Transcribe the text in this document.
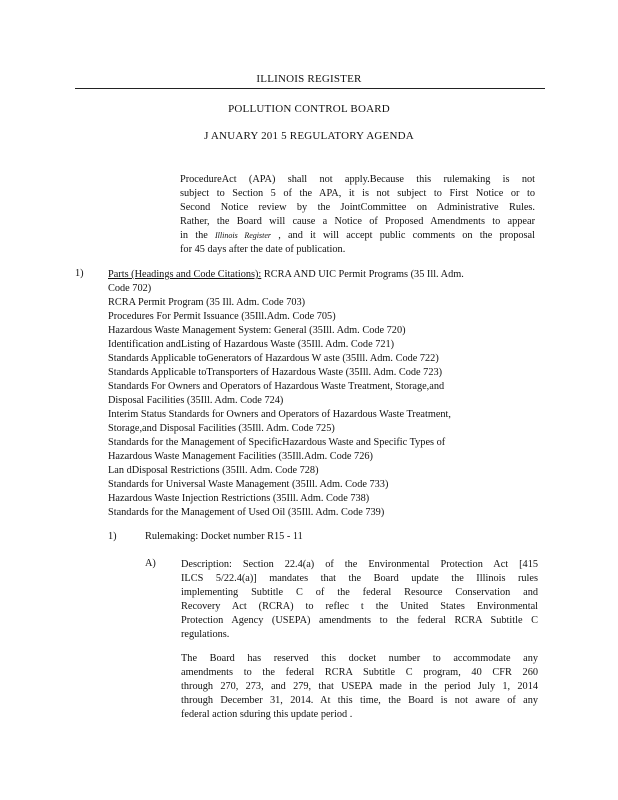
ILLINOIS REGISTER
POLLUTION CONTROL BOARD
J ANUARY 201 5 REGULATORY AGENDA
ProcedureAct (APA) shall not apply.Because this rulemaking is not
subject to Section 5 of the APA, it is not subject to First Notice or to
Second Notice review by the JointCommittee on Administrative Rules.
Rather, the Board will cause a Notice of Proposed Amendments to appear
in the Illinois Register , and it will accept public comments on the proposal
for 45 days after the date of publication.
1) Parts (Headings and Code Citations): RCRA AND UIC Permit Programs (35 Ill. Adm.
Code 702)
RCRA Permit Program (35 Ill. Adm. Code 703)
Procedures For Permit Issuance (35Ill.Adm. Code 705)
Hazardous Waste Management System: General (35Ill. Adm. Code 720)
Identification andListing of Hazardous Waste (35Ill. Adm. Code 721)
Standards Applicable toGenerators of Hazardous W aste (35Ill. Adm. Code 722)
Standards Applicable toTransporters of Hazardous Waste (35Ill. Adm. Code 723)
Standards For Owners and Operators of Hazardous Waste Treatment, Storage,and
Disposal Facilities (35Ill. Adm. Code 724)
Interim Status Standards for Owners and Operators of Hazardous Waste Treatment,
Storage,and Disposal Facilities (35Ill. Adm. Code 725)
Standards for the Management of SpecificHazardous Waste and Specific Types of
Hazardous Waste Management Facilities (35Ill.Adm. Code 726)
Lan dDisposal Restrictions (35Ill. Adm. Code 728)
Standards for Universal Waste Management (35Ill. Adm. Code 733)
Hazardous Waste Injection Restrictions (35Ill. Adm. Code 738)
Standards for the Management of Used Oil (35Ill. Adm. Code 739)
1)	Rulemaking: Docket number R15 - 11
A) Description: Section 22.4(a) of the Environmental Protection Act [415
ILCS 5/22.4(a)] mandates that the Board update the Illinois rules
implementing Subtitle C of the federal Resource Conservation and
Recovery Act (RCRA) to reflec t the United States Environmental
Protection Agency (USEPA) amendments to the federal RCRA Subtitle C
regulations.
The Board has reserved this docket number to accommodate any
amendments to the federal RCRA Subtitle C program, 40 CFR 260
through 270, 273, and 279, that USEPA made in the period July 1, 2014
through December 31, 2014. At this time, the Board is not aware of any
federal action sduring this update period .
